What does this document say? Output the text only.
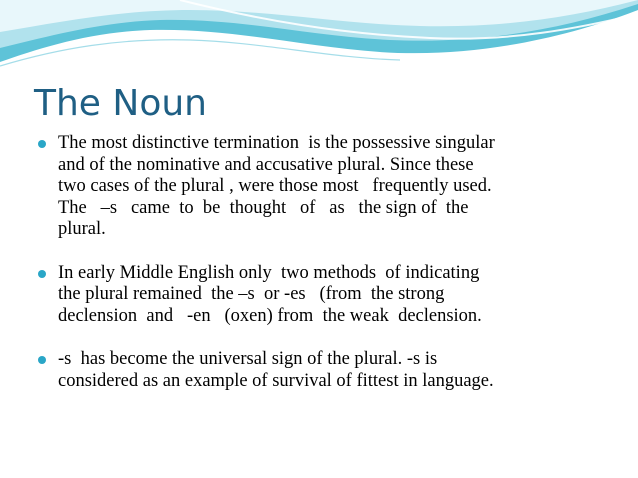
The Noun
The most distinctive termination  is the possessive singular
and of the nominative and accusative plural. Since these
two cases of the plural , were those most   frequently used.
The   –s   came  to  be  thought   of   as   the sign of  the
plural.
In early Middle English only  two methods  of indicating
the plural remained  the –s  or -es   (from  the strong
declension  and   -en   (oxen) from  the weak  declension.
-s  has become the universal sign of the plural. -s is
considered as an example of survival of fittest in language.
